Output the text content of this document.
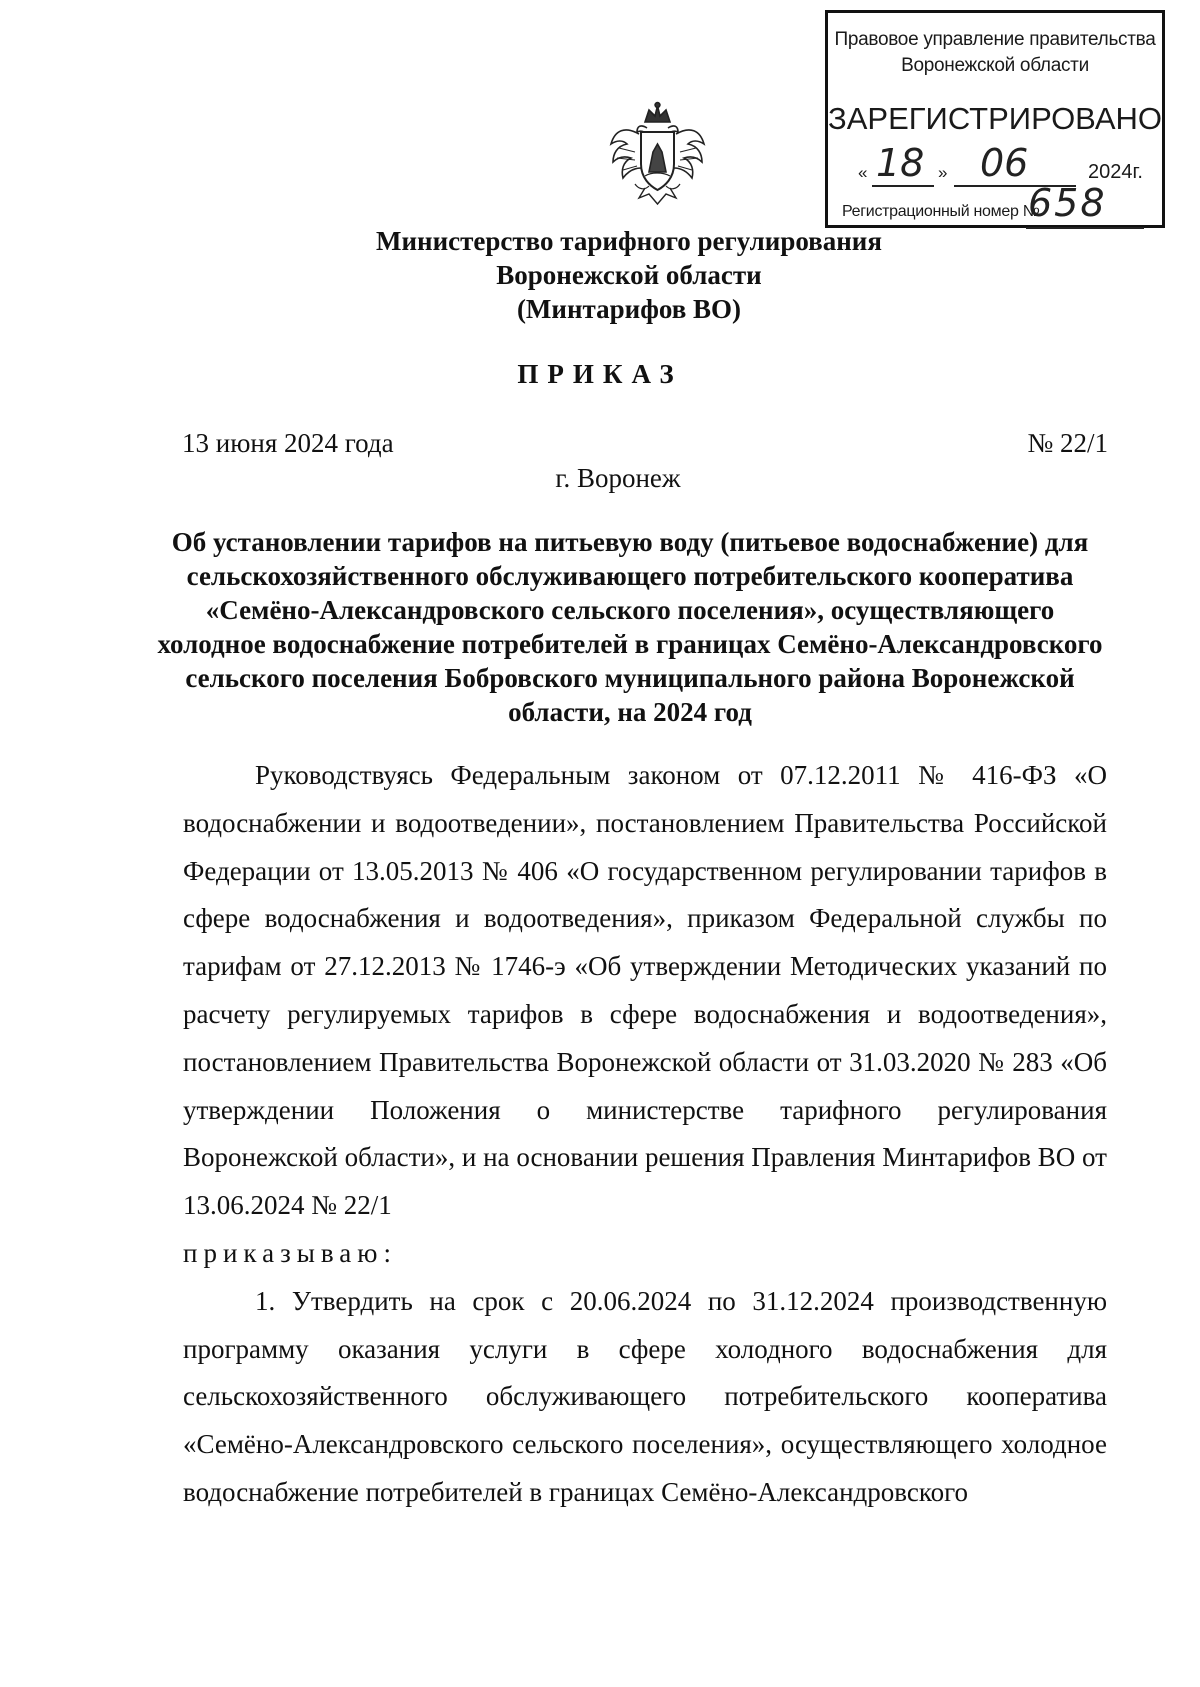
Правовое управление правительства
Воронежской области
ЗАРЕГИСТРИРОВАНО
« 18 » 06	2024г.
Регистрационный номер №
658
Министерство тарифного регулирования
Воронежской области
(Минтарифов ВО)
ПРИКАЗ
13 июня 2024 года	№ 22/1
г. Воронеж
Об установлении тарифов на питьевую воду (питьевое водоснабжение) для сельскохозяйственного обслуживающего потребительского кооператива «Семёно-Александровского сельского поселения», осуществляющего холодное водоснабжение потребителей в границах Семёно-Александровского сельского поселения Бобровского муниципального района Воронежской области, на 2024 год

Руководствуясь Федеральным законом от 07.12.2011 № 416-ФЗ «О водоснабжении и водоотведении», постановлением Правительства Российской Федерации от 13.05.2013 № 406 «О государственном регулировании тарифов в сфере водоснабжения и водоотведения», приказом Федеральной службы по тарифам от 27.12.2013 № 1746-э «Об утверждении Методических указаний по расчету регулируемых тарифов в сфере водоснабжения и водоотведения», постановлением Правительства Воронежской области от 31.03.2020 № 283 «Об утверждении Положения о министерстве тарифного регулирования Воронежской области», и на основании решения Правления Минтарифов ВО от 13.06.2024 № 22/1

приказываю:

1. Утвердить на срок с 20.06.2024 по 31.12.2024 производственную программу оказания услуги в сфере холодного водоснабжения для сельскохозяйственного обслуживающего потребительского кооператива «Семёно-Александровского сельского поселения», осуществляющего холодное водоснабжение потребителей в границах Семёно-Александровского
